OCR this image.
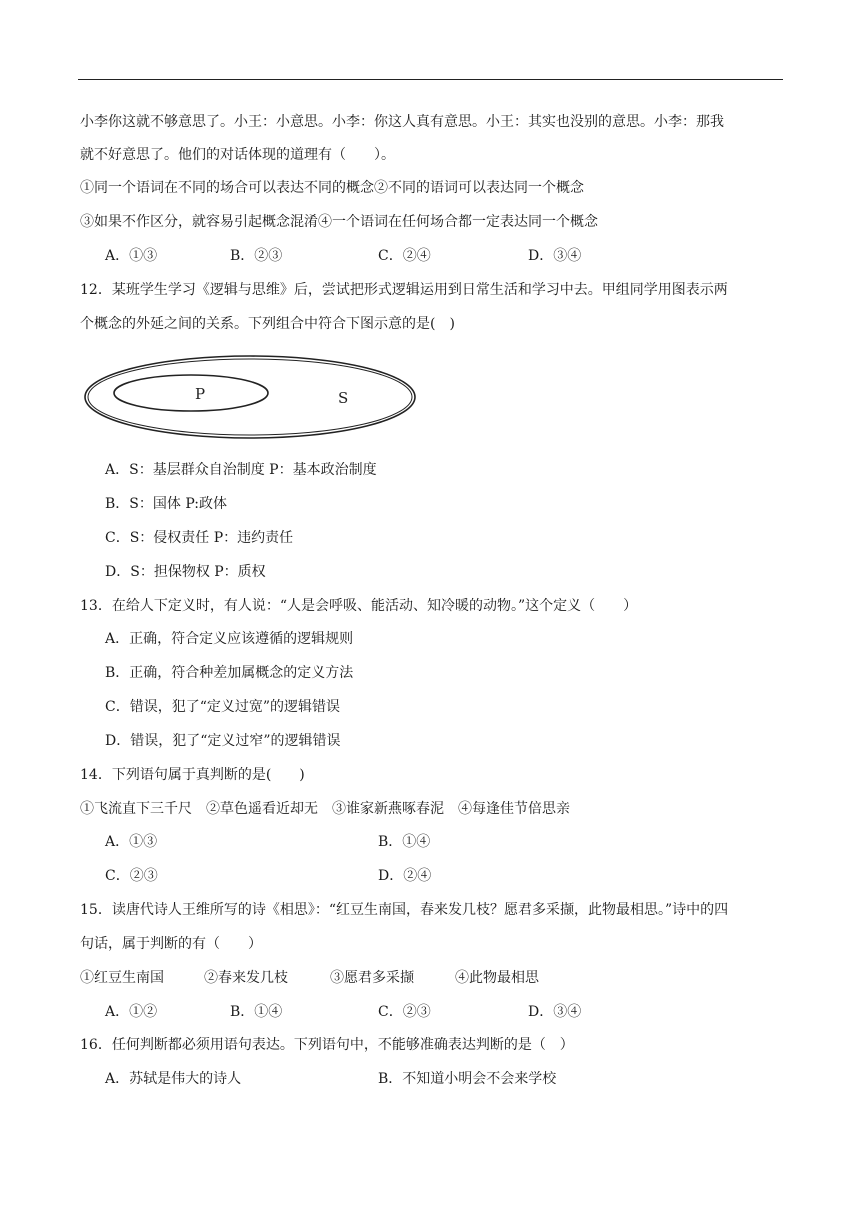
小李你这就不够意思了。小王：小意思。小李：你这人真有意思。小王：其实也没别的意思。小李：那我
就不好意思了。他们的对话体现的道理有（　　）。
①同一个语词在不同的场合可以表达不同的概念②不同的语词可以表达同一个概念
③如果不作区分，就容易引起概念混淆④一个语词在任何场合都一定表达同一个概念
A．①③	B．②③	C．②④	D．③④
12．某班学生学习《逻辑与思维》后，尝试把形式逻辑运用到日常生活和学习中去。甲组同学用图表示两
个概念的外延之间的关系。下列组合中符合下图示意的是(　)
P	S
A．S：基层群众自治制度 P：基本政治制度
B．S：国体 P:政体
C．S：侵权责任 P：违约责任
D．S：担保物权 P：质权
13．在给人下定义时，有人说：“人是会呼吸、能活动、知冷暖的动物。”这个定义（　　）
A．正确，符合定义应该遵循的逻辑规则
B．正确，符合种差加属概念的定义方法
C．错误，犯了“定义过宽”的逻辑错误
D．错误，犯了“定义过窄”的逻辑错误
14．下列语句属于真判断的是(　　)
①飞流直下三千尺　②草色遥看近却无　③谁家新燕啄春泥　④每逢佳节倍思亲
A．①③	B．①④
C．②③	D．②④
15．读唐代诗人王维所写的诗《相思》：“红豆生南国，春来发几枝？愿君多采撷，此物最相思。”诗中的四
句话，属于判断的有（　　）
①红豆生南国	②春来发几枝	③愿君多采撷	④此物最相思
A．①②	B．①④	C．②③	D．③④
16．任何判断都必须用语句表达。下列语句中，不能够准确表达判断的是（　）
A．苏轼是伟大的诗人	B．不知道小明会不会来学校
